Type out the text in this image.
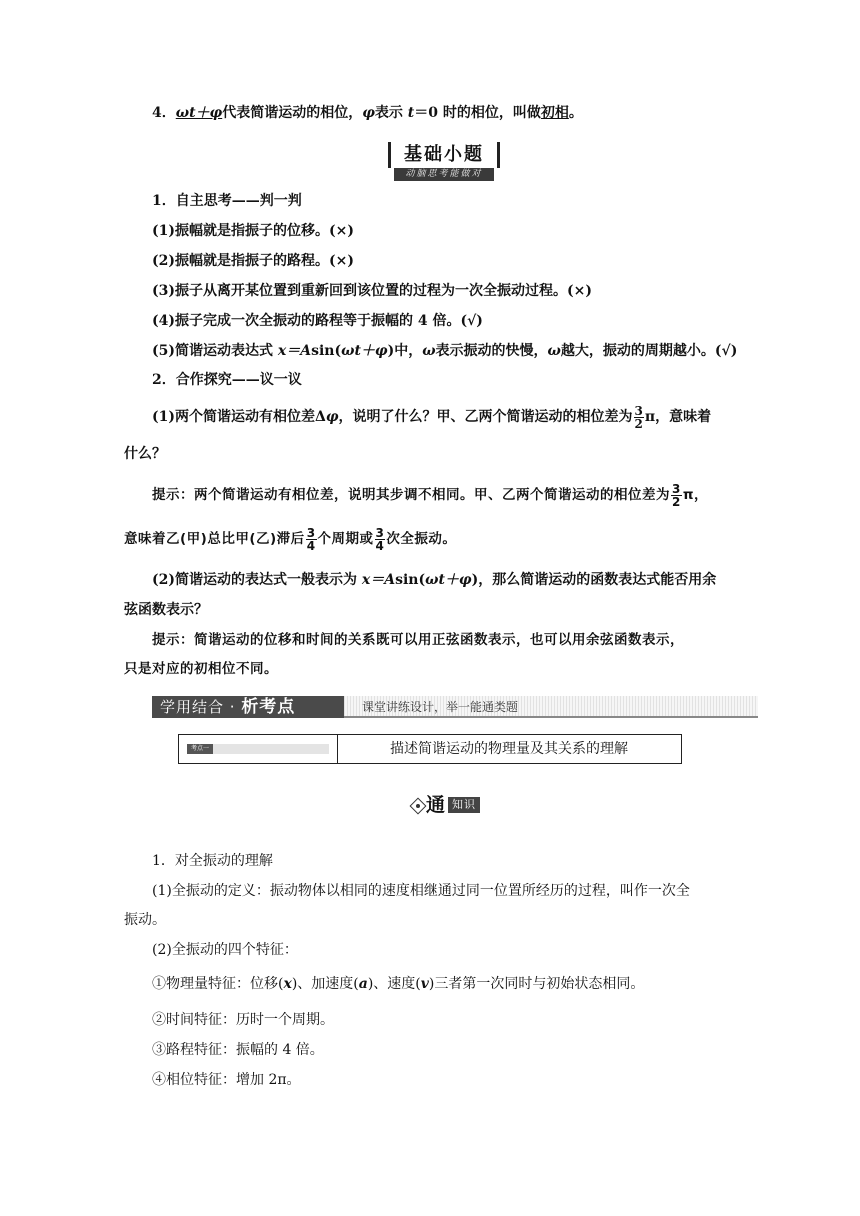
4．ωt＋φ代表简谐运动的相位，φ表示 t＝0 时的相位，叫做初相。
基础小题
动脑思考能做对
1．自主思考——判一判
(1)振幅就是指振子的位移。(×)
(2)振幅就是指振子的路程。(×)
(3)振子从离开某位置到重新回到该位置的过程为一次全振动过程。(×)
(4)振子完成一次全振动的路程等于振幅的 4 倍。(√)
(5)简谐运动表达式 x＝Asin(ωt＋φ)中，ω表示振动的快慢，ω越大，振动的周期越小。(√)
2．合作探究——议一议
(1)两个简谐运动有相位差Δφ，说明了什么？甲、乙两个简谐运动的相位差为 $\frac{3}{2}$ π，意味着
什么？
提示：两个简谐运动有相位差，说明其步调不相同。甲、乙两个简谐运动的相位差为 $\frac{3}{2}$ π，
意味着乙(甲)总比甲(乙)滞后 $\frac{3}{4}$ 个周期或 $\frac{3}{4}$ 次全振动。
(2)简谐运动的表达式一般表示为 x＝Asin(ωt＋φ)，那么简谐运动的函数表达式能否用余
弦函数表示？
提示：简谐运动的位移和时间的关系既可以用正弦函数表示，也可以用余弦函数表示，
只是对应的初相位不同。
学用结合 · 析考点	课堂讲练设计，举一能通类题
考点一	描述简谐运动的物理量及其关系的理解
通 知识
1．对全振动的理解
(1)全振动的定义：振动物体以相同的速度相继通过同一位置所经历的过程，叫作一次全
振动。
(2)全振动的四个特征：
①物理量特征：位移(x)、加速度(a)、速度(v)三者第一次同时与初始状态相同。
②时间特征：历时一个周期。
③路程特征：振幅的 4 倍。
④相位特征：增加 2π。
